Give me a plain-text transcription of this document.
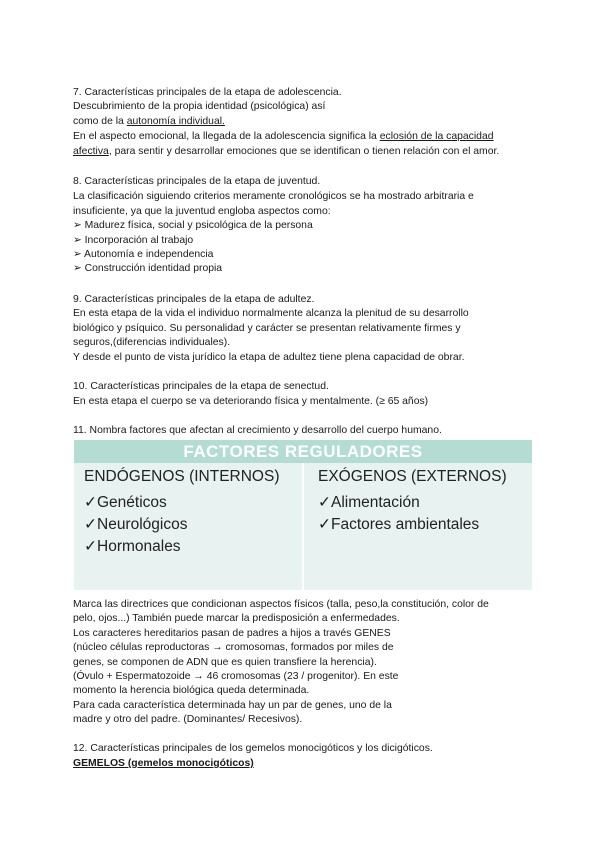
7. Características principales de la etapa de adolescencia.
Descubrimiento de la propia identidad (psicológica) así
como de la autonomía individual.
En el aspecto emocional, la llegada de la adolescencia significa la eclosión de la capacidad
afectiva, para sentir y desarrollar emociones que se identifican o tienen relación con el amor.
8. Características principales de la etapa de juventud.
La clasificación siguiendo criterios meramente cronológicos se ha mostrado arbitraria e
insuficiente, ya que la juventud engloba aspectos como:
➢ Madurez física, social y psicológica de la persona
➢ Incorporación al trabajo
➢ Autonomía e independencia
➢ Construcción identidad propia
9. Características principales de la etapa de adultez.
En esta etapa de la vida el individuo normalmente alcanza la plenitud de su desarrollo
biológico y psíquico. Su personalidad y carácter se presentan relativamente firmes y
seguros,(diferencias individuales).
Y desde el punto de vista jurídico la etapa de adultez tiene plena capacidad de obrar.
10. Características principales de la etapa de senectud.
En esta etapa el cuerpo se va deteriorando física y mentalmente. (≥ 65 años)
11. Nombra factores que afectan al crecimiento y desarrollo del cuerpo humano.
FACTORES REGULADORES
ENDÓGENOS (INTERNOS)
✓Genéticos
✓Neurológicos
✓Hormonales
EXÓGENOS (EXTERNOS)
✓Alimentación
✓Factores ambientales
Marca las directrices que condicionan aspectos físicos (talla, peso,la constitución, color de
pelo, ojos...) También puede marcar la predisposición a enfermedades.
Los caracteres hereditarios pasan de padres a hijos a través GENES
(núcleo células reproductoras → cromosomas, formados por miles de
genes, se componen de ADN que es quien transfiere la herencia).
(Óvulo + Espermatozoide → 46 cromosomas (23 / progenitor). En este
momento la herencia biológica queda determinada.
Para cada característica determinada hay un par de genes, uno de la
madre y otro del padre. (Dominantes/ Recesivos).
12. Características principales de los gemelos monocigóticos y los dicigóticos.
GEMELOS (gemelos monocigóticos)
